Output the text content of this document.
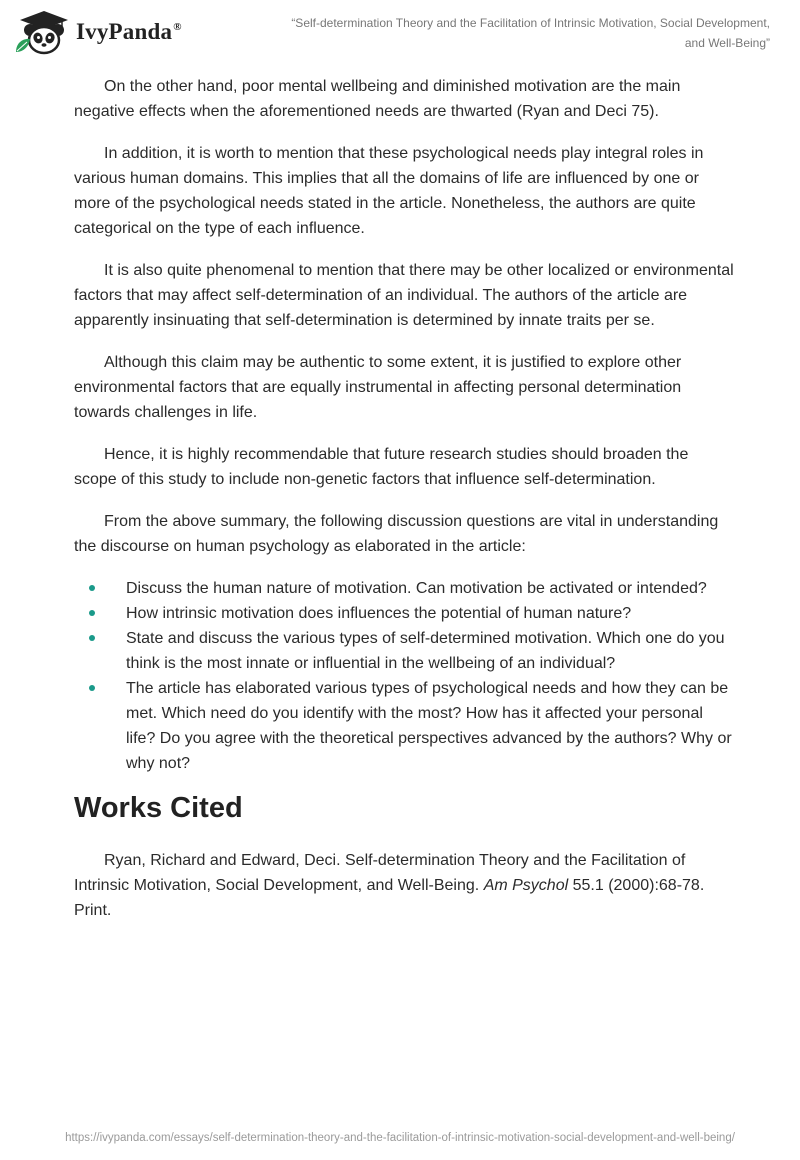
IvyPanda®	“Self-determination Theory and the Facilitation of Intrinsic Motivation, Social Development, and Well-Being”

On the other hand, poor mental wellbeing and diminished motivation are the main negative effects when the aforementioned needs are thwarted (Ryan and Deci 75).

In addition, it is worth to mention that these psychological needs play integral roles in various human domains. This implies that all the domains of life are influenced by one or more of the psychological needs stated in the article. Nonetheless, the authors are quite categorical on the type of each influence.

It is also quite phenomenal to mention that there may be other localized or environmental factors that may affect self-determination of an individual. The authors of the article are apparently insinuating that self-determination is determined by innate traits per se.

Although this claim may be authentic to some extent, it is justified to explore other environmental factors that are equally instrumental in affecting personal determination towards challenges in life.

Hence, it is highly recommendable that future research studies should broaden the scope of this study to include non-genetic factors that influence self-determination.

From the above summary, the following discussion questions are vital in understanding the discourse on human psychology as elaborated in the article:

Discuss the human nature of motivation. Can motivation be activated or intended?
How intrinsic motivation does influences the potential of human nature?
State and discuss the various types of self-determined motivation. Which one do you think is the most innate or influential in the wellbeing of an individual?
The article has elaborated various types of psychological needs and how they can be met. Which need do you identify with the most? How has it affected your personal life? Do you agree with the theoretical perspectives advanced by the authors? Why or why not?
Works Cited

Ryan, Richard and Edward, Deci. Self-determination Theory and the Facilitation of Intrinsic Motivation, Social Development, and Well-Being. Am Psychol 55.1 (2000):68-78. Print.

https://ivypanda.com/essays/self-determination-theory-and-the-facilitation-of-intrinsic-motivation-social-development-and-well-being/
